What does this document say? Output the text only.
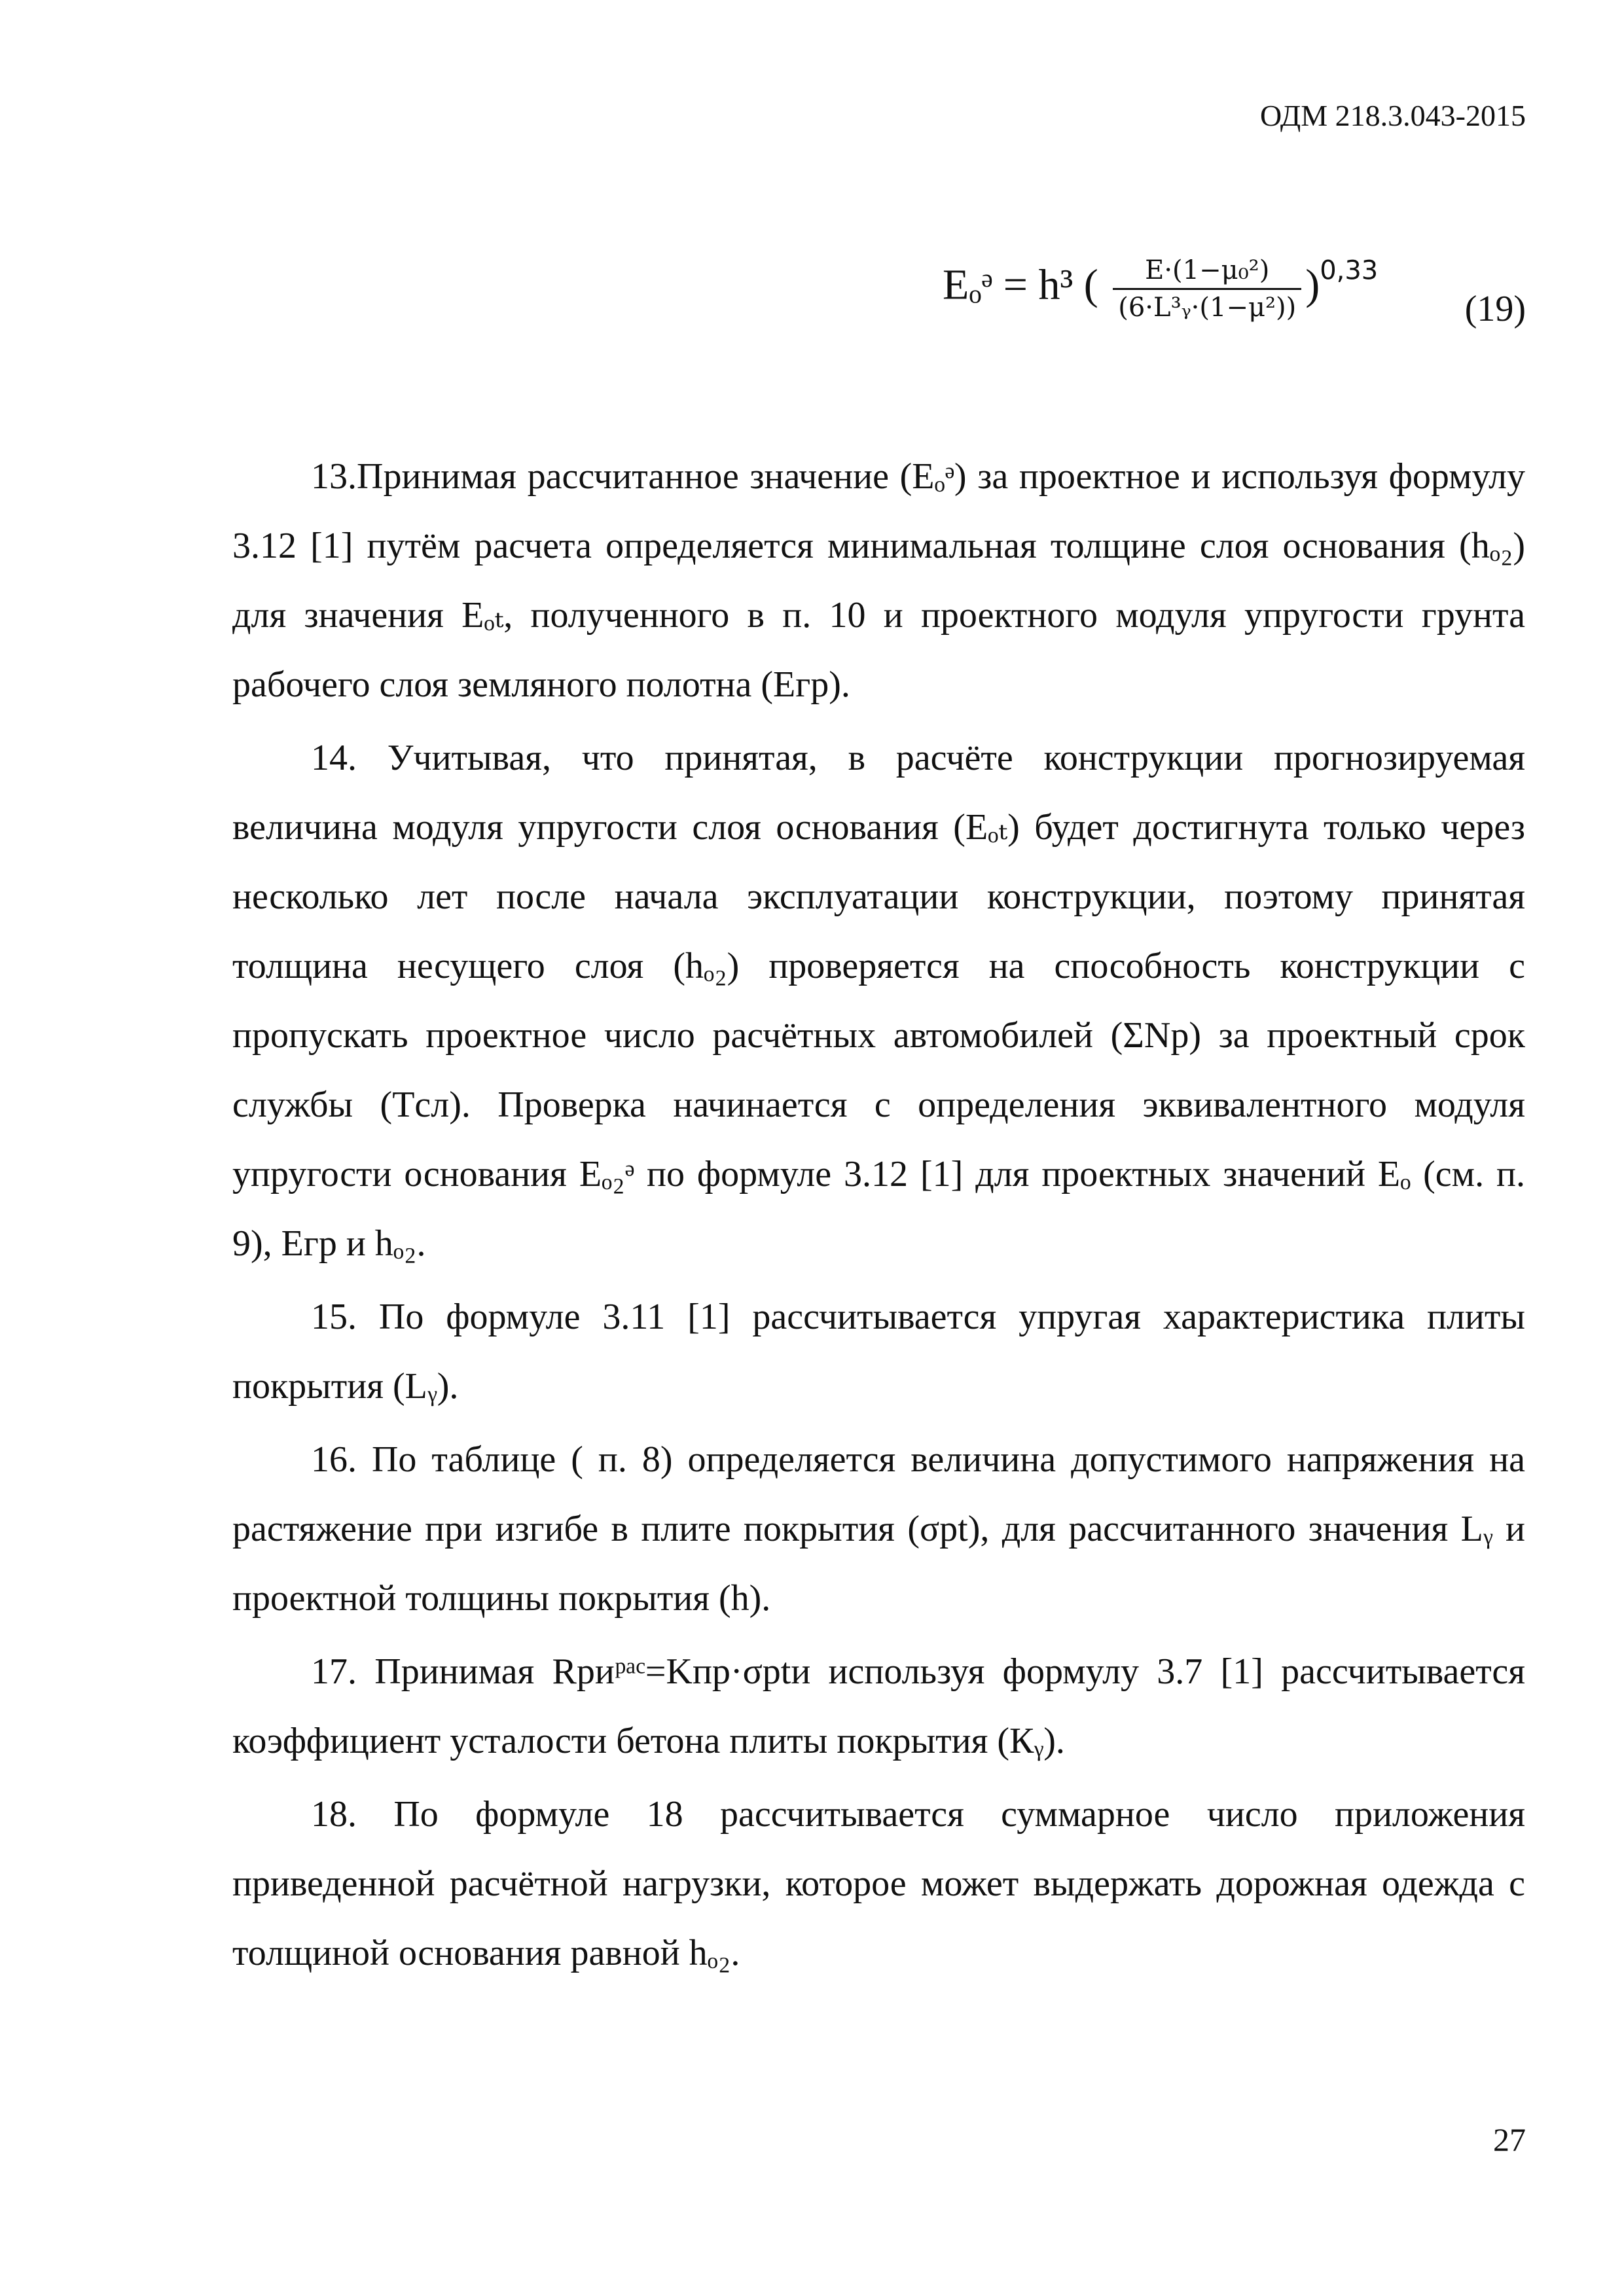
ОДМ 218.3.043-2015
Eₒᵊ = h³ ( $\frac{\text{E·(1−μ₀²)}}{\text{(6·L³ᵧ·(1−μ²))}} )^{0,33}$
(19)

13.Принимая рассчитанное значение (Eₒᵊ) за проектное и используя формулу 3.12 [1] путём расчета определяется минимальная толщине слоя основания (hₒ₂) для значения Eₒₜ, полученного в п. 10 и проектного модуля упругости грунта рабочего слоя земляного полотна (Eгр).

14. Учитывая, что принятая, в расчёте конструкции прогнозируемая величина модуля упругости слоя основания (Eₒₜ) будет достигнута только через несколько лет после начала эксплуатации конструкции, поэтому принятая толщина несущего слоя (hₒ₂) проверяется на способность конструкции с пропускать проектное число расчётных автомобилей (ΣNр) за проектный срок службы (Tсл). Проверка начинается с определения эквивалентного модуля упругости основания Eₒ₂ᵊ по формуле 3.12 [1] для проектных значений Eₒ (см. п. 9), Eгр и hₒ₂.

15. По формуле 3.11 [1] рассчитывается упругая характеристика плиты покрытия (Lᵧ).

16. По таблице ( п. 8) определяется величина допустимого напряжения на растяжение при изгибе в плите покрытия (σpt), для рассчитанного значения Lᵧ и проектной толщины покрытия (h).

17. Принимая Rриᵖᵃᶜ=Kпр·σptи используя формулу 3.7 [1] рассчитывается коэффициент усталости бетона плиты покрытия (Кᵧ).

18. По формуле 18 рассчитывается суммарное число приложения приведенной расчётной нагрузки, которое может выдержать дорожная одежда с толщиной основания равной hₒ₂.

27
